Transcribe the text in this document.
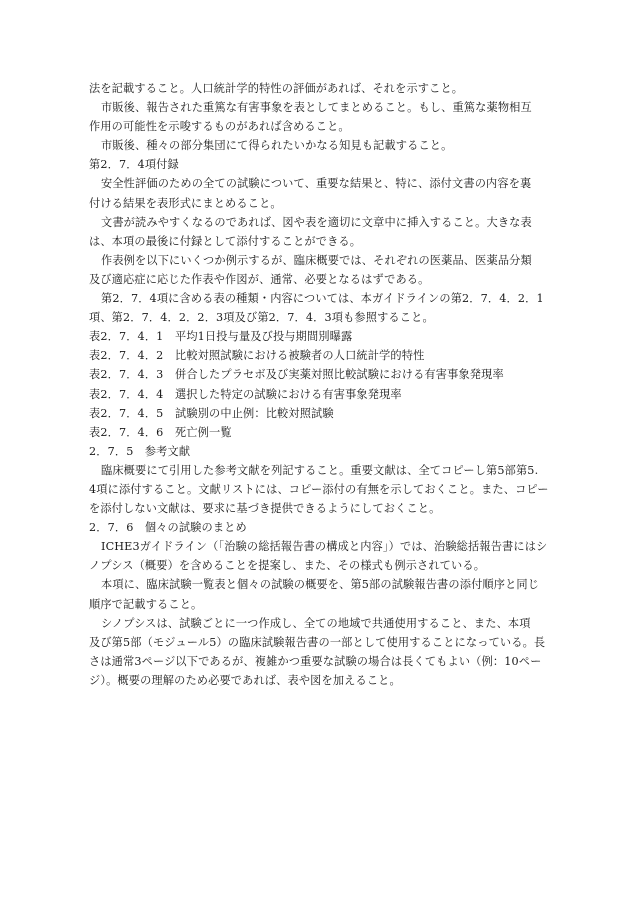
法を記載すること。人口統計学的特性の評価があれば、それを示すこと。
市販後、報告された重篤な有害事象を表としてまとめること。もし、重篤な薬物相互
作用の可能性を示唆するものがあれば含めること。
市販後、種々の部分集団にて得られたいかなる知見も記載すること。
第2．7．4項付録
安全性評価のための全ての試験について、重要な結果と、特に、添付文書の内容を裏
付ける結果を表形式にまとめること。
文書が読みやすくなるのであれば、図や表を適切に文章中に挿入すること。大きな表
は、本項の最後に付録として添付することができる。
作表例を以下にいくつか例示するが、臨床概要では、それぞれの医薬品、医薬品分類
及び適応症に応じた作表や作図が、通常、必要となるはずである。
第2．7．4項に含める表の種類・内容については、本ガイドラインの第2．7．4．2．1
項、第2．7．4．2．2．3項及び第2．7．4．3項も参照すること。
表2．7．4．1 平均1日投与量及び投与期間別曝露
表2．7．4．2 比較対照試験における被験者の人口統計学的特性
表2．7．4．3 併合したプラセボ及び実薬対照比較試験における有害事象発現率
表2．7．4．4 選択した特定の試験における有害事象発現率
表2．7．4．5 試験別の中止例：比較対照試験
表2．7．4．6 死亡例一覧
2．7．5　参考文献
臨床概要にて引用した参考文献を列記すること。重要文献は、全てコピーし第5部第5.
4項に添付すること。文献リストには、コピー添付の有無を示しておくこと。また、コピー
を添付しない文献は、要求に基づき提供できるようにしておくこと。
2．7．6　個々の試験のまとめ
ICHE3ガイドライン（「治験の総括報告書の構成と内容」）では、治験総括報告書にはシ
ノプシス（概要）を含めることを提案し、また、その様式も例示されている。
本項に、臨床試験一覧表と個々の試験の概要を、第5部の試験報告書の添付順序と同じ
順序で記載すること。
シノプシスは、試験ごとに一つ作成し、全ての地域で共通使用すること、また、本項
及び第5部（モジュール5）の臨床試験報告書の一部として使用することになっている。長
さは通常3ページ以下であるが、複雑かつ重要な試験の場合は長くてもよい（例：10ペー
ジ）。概要の理解のため必要であれば、表や図を加えること。
